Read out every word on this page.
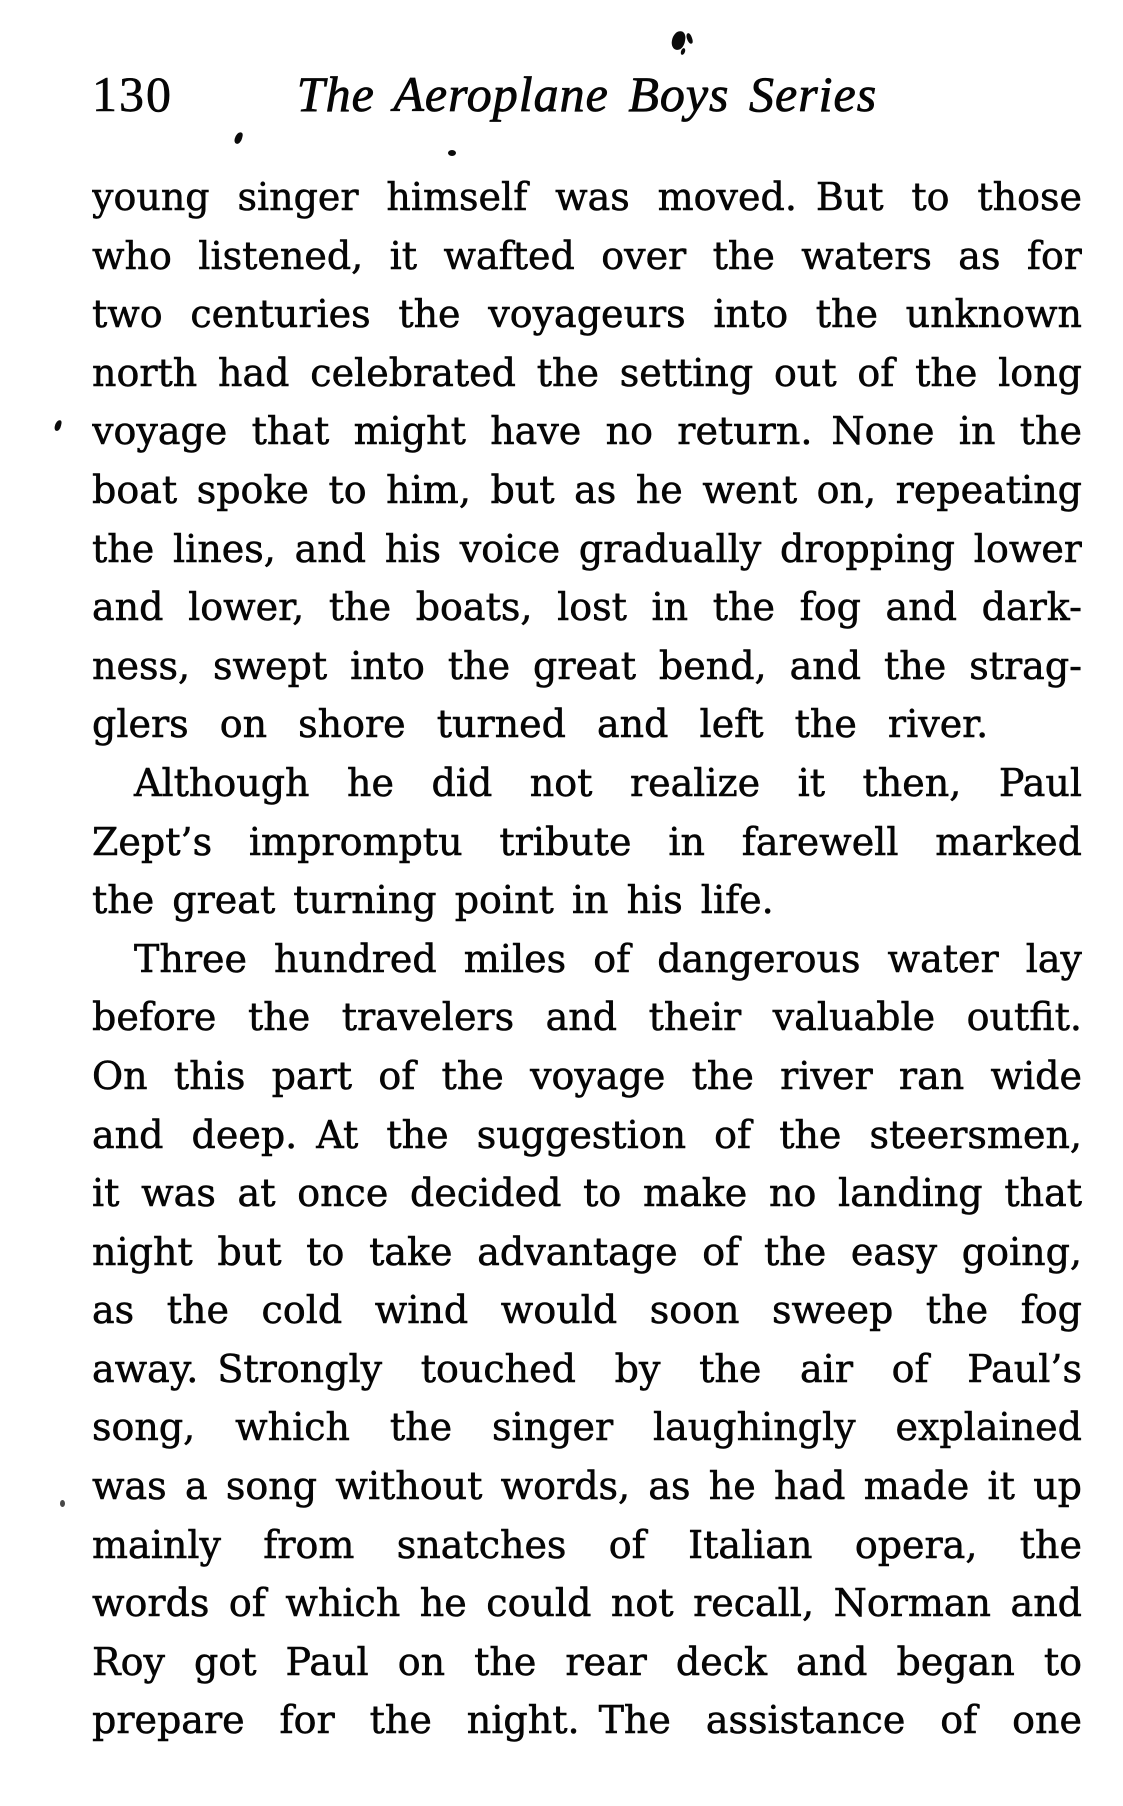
130	The Aeroplane Boys Series
young singer himself was moved. But to those
who listened, it wafted over the waters as for
two centuries the voyageurs into the unknown
north had celebrated the setting out of the long
voyage that might have no return. None in the
boat spoke to him, but as he went on, repeating
the lines, and his voice gradually dropping lower
and lower, the boats, lost in the fog and dark-
ness, swept into the great bend, and the strag-
glers on shore turned and left the river.
Although he did not realize it then, Paul
Zept’s impromptu tribute in farewell marked
the great turning point in his life.
Three hundred miles of dangerous water lay
before the travelers and their valuable outfit.
On this part of the voyage the river ran wide
and deep. At the suggestion of the steersmen,
it was at once decided to make no landing that
night but to take advantage of the easy going,
as the cold wind would soon sweep the fog
away. Strongly touched by the air of Paul’s
song, which the singer laughingly explained
was a song without words, as he had made it up
mainly from snatches of Italian opera, the
words of which he could not recall, Norman and
Roy got Paul on the rear deck and began to
prepare for the night. The assistance of one
